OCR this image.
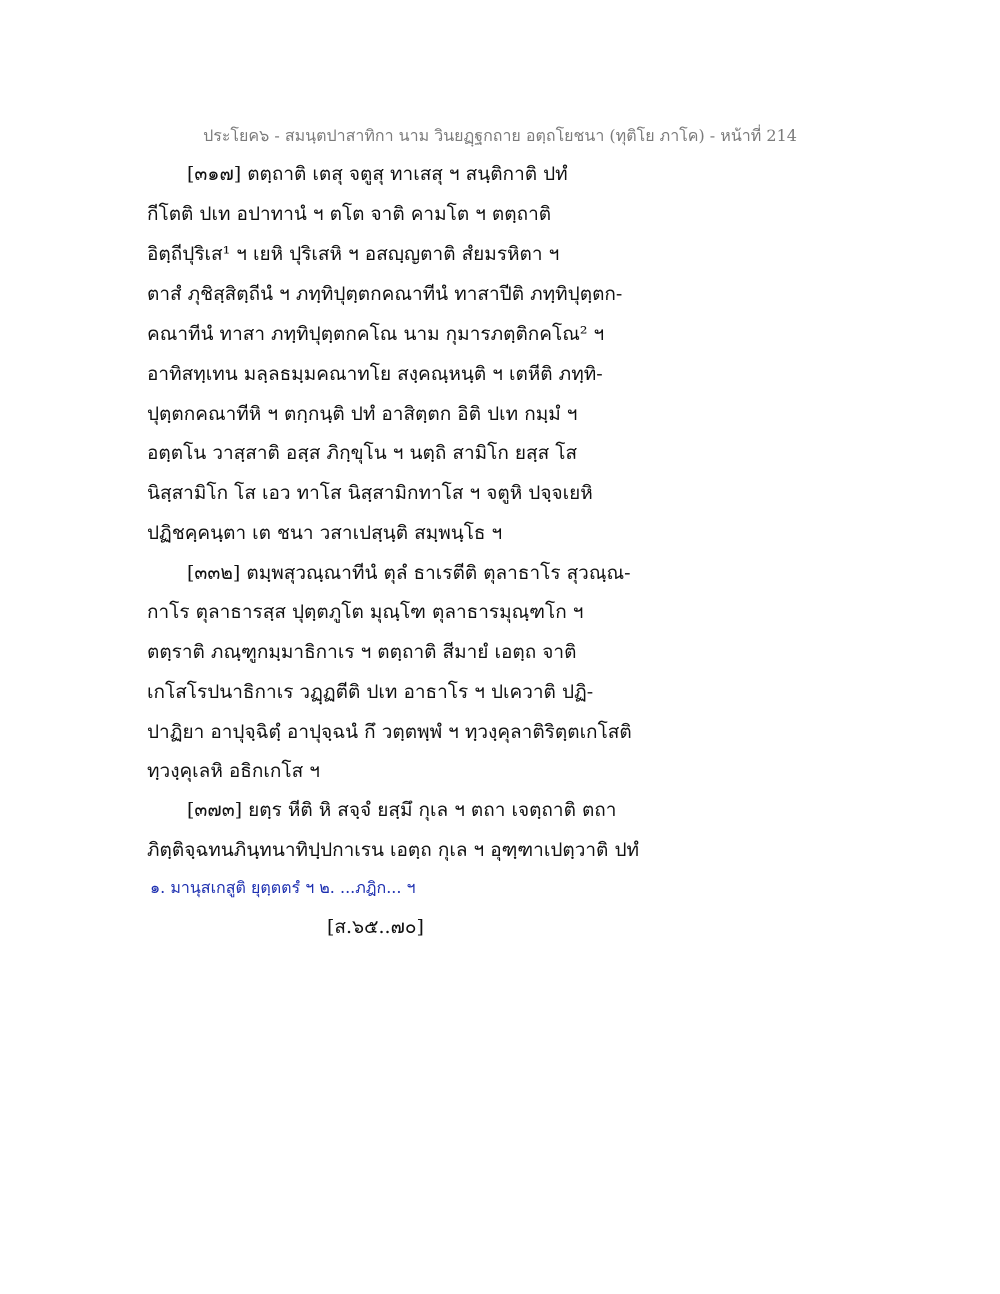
ประโยค๖ - สมนฺตปาสาทิกา นาม วินยฏฺฐกถาย อตฺถโยชนา (ทุติโย ภาโค) - หน้าที่ 214
[๓๑๗] ตตฺถาติ เตสุ จตูสุ ทาเสสุ ฯ สนฺติกาติ ปทํ
กีโตติ ปเท อปาทานํ ฯ ตโต จาติ คามโต ฯ ตตฺถาติ
อิตฺถีปุริเส¹ ฯ เยหิ ปุริเสหิ ฯ อสญฺญตาติ สํยมรหิตา ฯ
ตาสํ ภุชิสฺสิตฺถีนํ ฯ ภทฺทิปุตฺตกคณาทีนํ ทาสาปีติ ภทฺทิปุตฺตก-
คณาทีนํ ทาสา ภทฺทิปุตฺตกคโณ นาม กุมารภตฺติกคโณ² ฯ
อาทิสทฺเทน มลฺลธมฺมคณาทโย สงฺคณฺหนฺติ ฯ เตหีติ ภทฺทิ-
ปุตฺตกคณาทีหิ ฯ ตกฺกนฺติ ปทํ อาสิตฺตก อิติ ปเท กมฺมํ ฯ
อตฺตโน วาสฺสาติ อสฺส ภิกฺขุโน ฯ นตฺถิ สามิโก ยสฺส โส
นิสฺสามิโก โส เอว ทาโส นิสฺสามิกทาโส ฯ จตูหิ ปจฺจเยหิ
ปฏิชคฺคนฺตา เต ชนา วสาเปสฺนฺติ สมฺพนฺโธ ฯ
[๓๓๒] ตมฺพสุวณฺณาทีนํ ตุลํ ธาเรตีติ ตุลาธาโร สุวณฺณ-
กาโร ตุลาธารสฺส ปุตฺตภูโต มุณฺโฑ ตุลาธารมุณฺฑโก ฯ
ตตฺราติ ภณฺฑูกมฺมาธิกาเร ฯ ตตฺถาติ สีมายํ เอตฺถ จาติ
เกโสโรปนาธิกาเร วฏฺฏตีติ ปเท อาธาโร ฯ ปเควาติ ปฏิ-
ปาฏิยา อาปุจฺฉิตฺํ อาปุจฺฉนํ กึ วตฺตพฺพํ ฯ ทฺวงฺคุลาติริตฺตเกโสติ
ทฺวงฺคุเลหิ อธิกเกโส ฯ
[๓๗๓] ยตฺร หีติ หิ สจฺจํ ยสฺมึ กุเล ฯ ตถา เจตฺถาติ ตถา
ภิตฺติจฺฉทนภินฺทนาทิปฺปกาเรน เอตฺถ กุเล ฯ อุฑฺฑาเปตฺวาติ ปทํ
๑. มานุสเกสูติ ยุตฺตตรํ ฯ ๒. ...ภฎิก... ฯ
[ส.๖๕..๗๐]
